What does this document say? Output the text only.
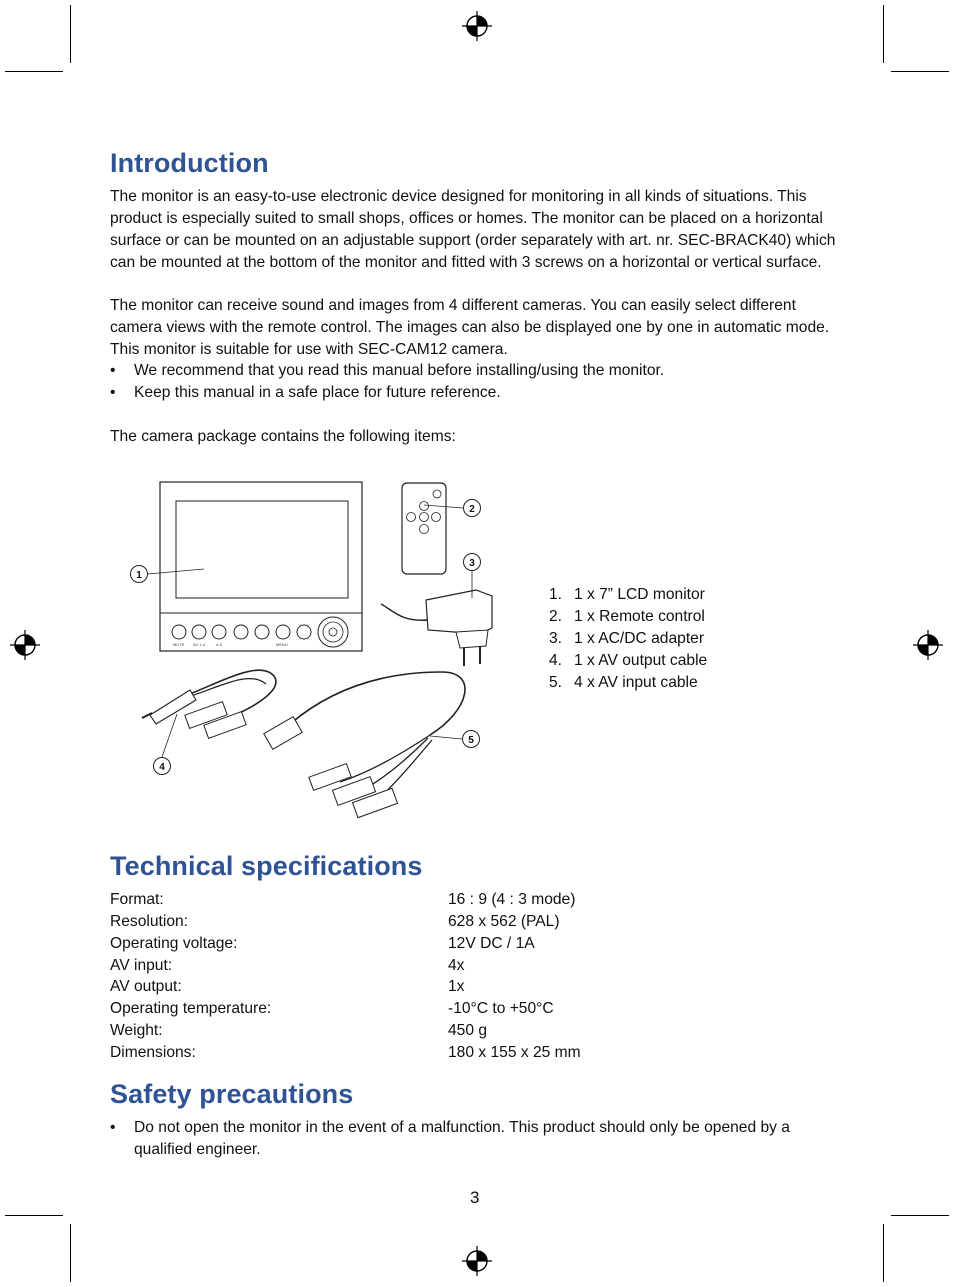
Introduction

The monitor is an easy-to-use electronic device designed for monitoring in all kinds of situations. This product is especially suited to small shops, offices or homes. The monitor can be placed on a horizontal surface or can be mounted on an adjustable support (order separately with art. nr. SEC-BRACK40) which can be mounted at the bottom of the monitor and fitted with 3 screws on a horizontal or vertical surface.

The monitor can receive sound and images from 4 different cameras. You can easily select different camera views with the remote control. The images can also be displayed one by one in automatic mode. This monitor is suitable for use with SEC-CAM12 camera.

•	We recommend that you read this manual before installing/using the monitor.
•	Keep this manual in a safe place for future reference.
The camera package contains the following items:
MUTE AV 1-4	A.S	MENU
1
2
3
4
5
1. 1 x 7” LCD monitor
2. 1 x Remote control
3. 1 x AC/DC adapter
4. 1 x AV output cable
5. 4 x AV input cable
Technical specifications
Format:	16 : 9 (4 : 3 mode)
Resolution:	628 x 562 (PAL)
Operating voltage:	12V DC / 1A
AV input:	4x
AV output:	1x
Operating temperature:	-10°C to +50°C
Weight:	450 g
Dimensions:	180 x 155 x 25 mm
Safety precautions
•	Do not open the monitor in the event of a malfunction. This product should only be opened by a qualified engineer.
3
